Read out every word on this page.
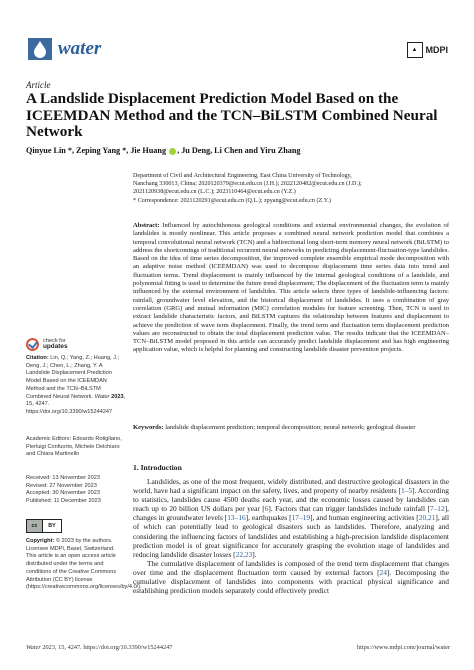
water	▲ MDPI
Article
A Landslide Displacement Prediction Model Based on the ICEEMDAN Method and the TCN–BiLSTM Combined Neural Network
Qinyue Lin *, Zeping Yang *, Jie Huang , Ju Deng, Li Chen and Yiru Zhang
Department of Civil and Architectural Engineering, East China University of Technology,
Nanchang 330013, China; 2020120379@ecut.edu.cn (J.H.); 2022120482@ecut.edu.cn (J.D.);
2021120938@ecut.edu.cn (L.C.); 2023110464@ecut.edu.cn (Y.Z.)
* Correspondence: 2021120291@ecut.edu.cn (Q.L.); zpyang@ecut.edu.cn (Z.Y.)
Abstract: Influenced by autochthonous geological conditions and external environmental changes, the evolution of landslides is mostly nonlinear. This article proposes a combined neural network prediction model that combines a temporal convolutional neural network (TCN) and a bidirectional long short-term memory neural network (BiLSTM) to address the shortcomings of traditional recurrent neural networks in predicting displacement-fluctuation-type landslides. Based on the idea of time series decomposition, the improved complete ensemble empirical mode decomposition with an adaptive noise method (ICEEMDAN) was used to decompose displacement time series data into trend and fluctuation terms. Trend displacement is mainly influenced by the internal geological conditions of a landslide, and polynomial fitting is used to determine the future trend displacement; The displacement of the fluctuation term is mainly influenced by the external environment of landslides. This article selects three types of landslide-influencing factors: rainfall, groundwater level elevation, and the historical displacement of landslides. It uses a combination of gray correlation (GRG) and mutual information (MIC) correlation modules for feature screening. Then, TCN is used to extract landslide characteristic factors, and BiLSTM captures the relationship between features and displacement to achieve the prediction of wave term displacement. Finally, the trend term and fluctuation term displacement prediction values are reconstructed to obtain the total displacement prediction value. The results indicate that the ICEEMDAN–TCN–BiLSTM model proposed in this article can accurately predict landslide displacement and has high engineering application value, which is helpful for planning and constructing landslide disaster prevention projects.
Keywords: landslide displacement prediction; temporal decomposition; neural network; geological disaster
check for
updates
Citation: Lin, Q.; Yang, Z.; Huang, J.; Deng, J.; Chen, L.; Zhang, Y. A Landslide Displacement Prediction Model Based on the ICEEMDAN Method and the TCN–BiLSTM Combined Neural Network. Water 2023, 15, 4247. https://doi.org/10.3390/w15244247
Academic Editors: Edoardo Rotigliano, Pierluigi Confuorto, Michele Delchiaro and Chiara Martinello
Received: 13 November 2023
Revised: 27 November 2023
Accepted: 30 November 2023
Published: 11 December 2023
cc	BY
Copyright: © 2023 by the authors. Licensee MDPI, Basel, Switzerland. This article is an open access article distributed under the terms and conditions of the Creative Commons Attribution (CC BY) license (https://creativecommons.org/licenses/by/4.0/).
1. Introduction

Landslides, as one of the most frequent, widely distributed, and destructive geological disasters in the world, have had a significant impact on the safety, lives, and property of nearby residents [1–5]. According to statistics, landslides cause 4500 deaths each year, and the economic losses caused by landslides can reach up to 20 billion US dollars per year [6]. Factors that can trigger landslides include rainfall [7–12], changes in groundwater levels [13–16], earthquakes [17–19], and human engineering activities [20,21], all of which can potentially lead to geological disasters such as landslides. Therefore, analyzing and considering the influencing factors of landslides and establishing a high-precision landslide displacement prediction model is of great significance for accurately grasping the evolution stage of landslides and reducing landslide disaster losses [22,23].

The cumulative displacement of landslides is composed of the trend term displacement that changes over time and the displacement fluctuation term caused by external factors [24]. Decomposing the cumulative displacement of landslides into components with practical physical significance and establishing prediction models separately could effectively predict

Water 2023, 15, 4247. https://doi.org/10.3390/w15244247	https://www.mdpi.com/journal/water
